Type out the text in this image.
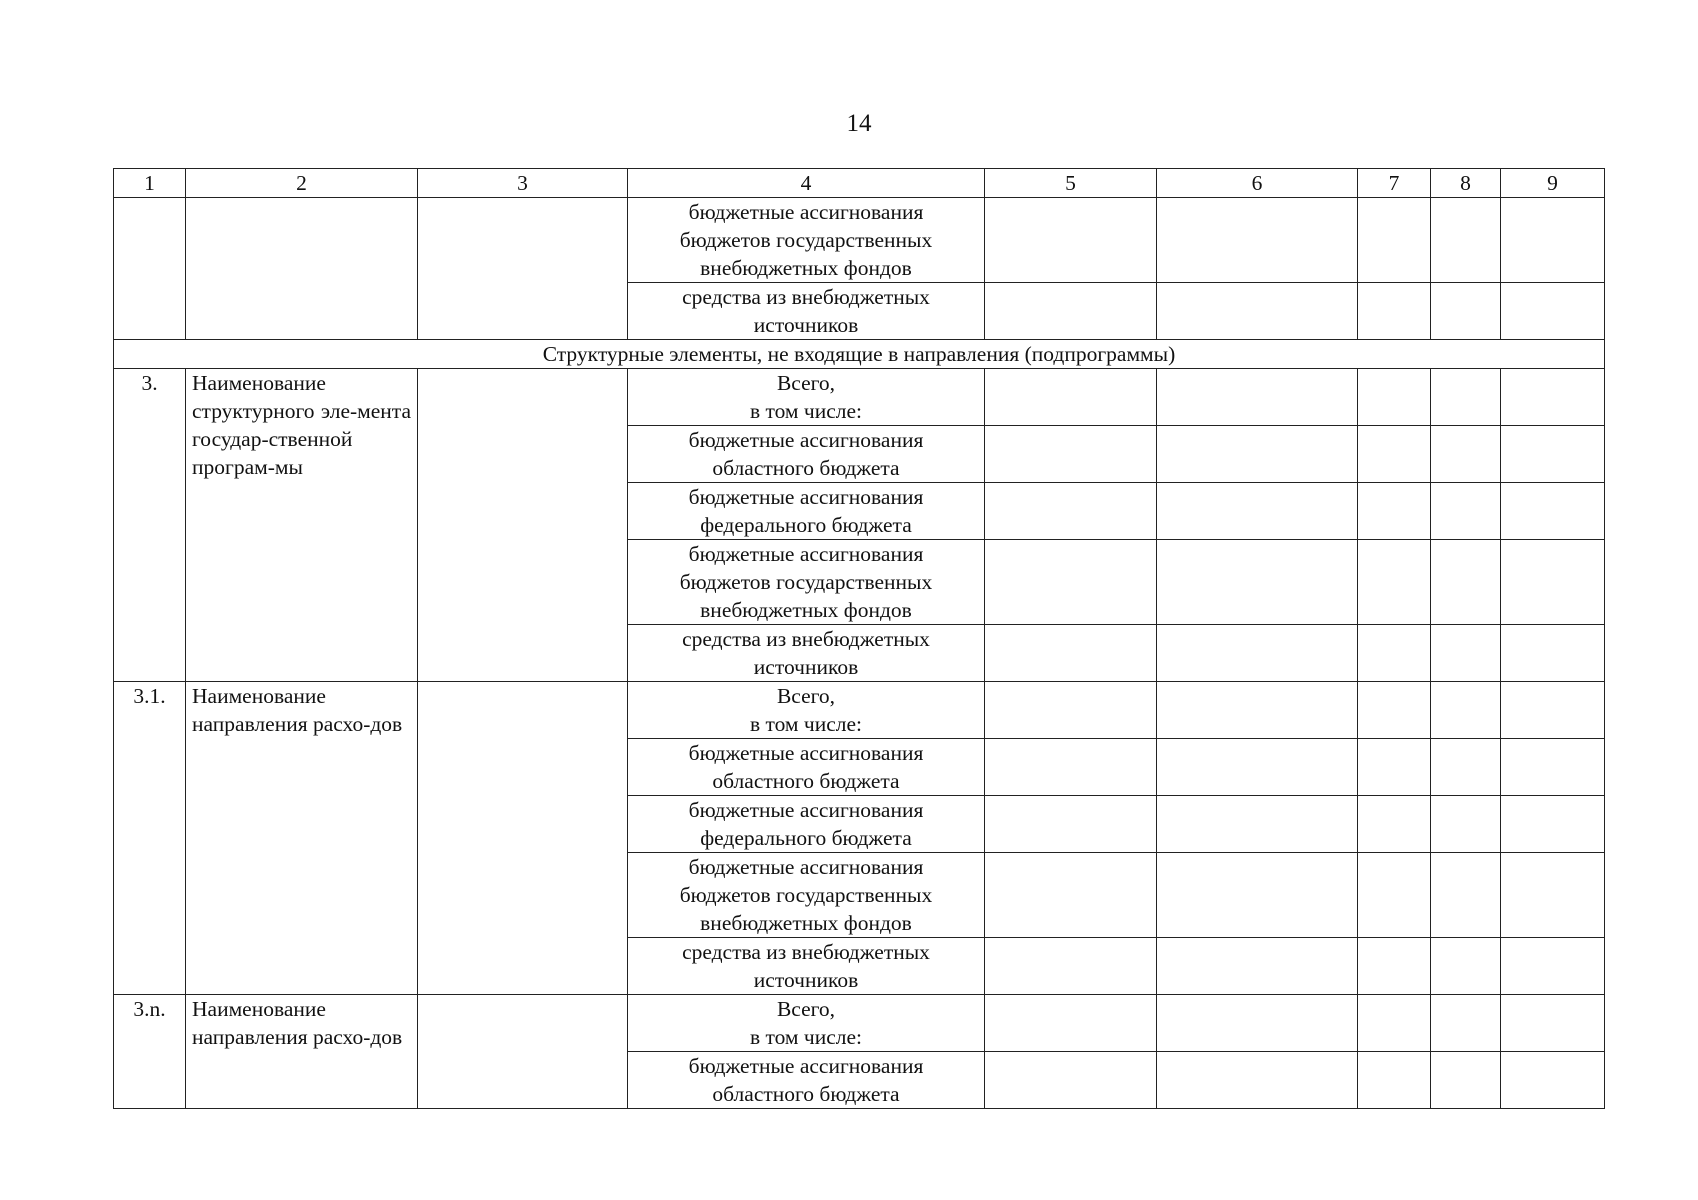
14
1	2	3	4	5	6	7	8	9
			бюджетные ассигнования
бюджетов государственных
внебюджетных фондов					
			средства из внебюджетных
источников					
Структурные элементы, не входящие в направления (подпрограммы)								
3.	Наименование структурного эле-мента государ-ственной програм-мы		Всего,
в том числе:					
			бюджетные ассигнования
областного бюджета					
			бюджетные ассигнования
федерального бюджета					
			бюджетные ассигнования
бюджетов государственных
внебюджетных фондов					
			средства из внебюджетных
источников					
3.1.	Наименование направления расхо-дов		Всего,
в том числе:					
			бюджетные ассигнования
областного бюджета					
			бюджетные ассигнования
федерального бюджета					
			бюджетные ассигнования
бюджетов государственных
внебюджетных фондов					
			средства из внебюджетных
источников					
3.n.	Наименование направления расхо-дов		Всего,
в том числе:					
			бюджетные ассигнования
областного бюджета					
